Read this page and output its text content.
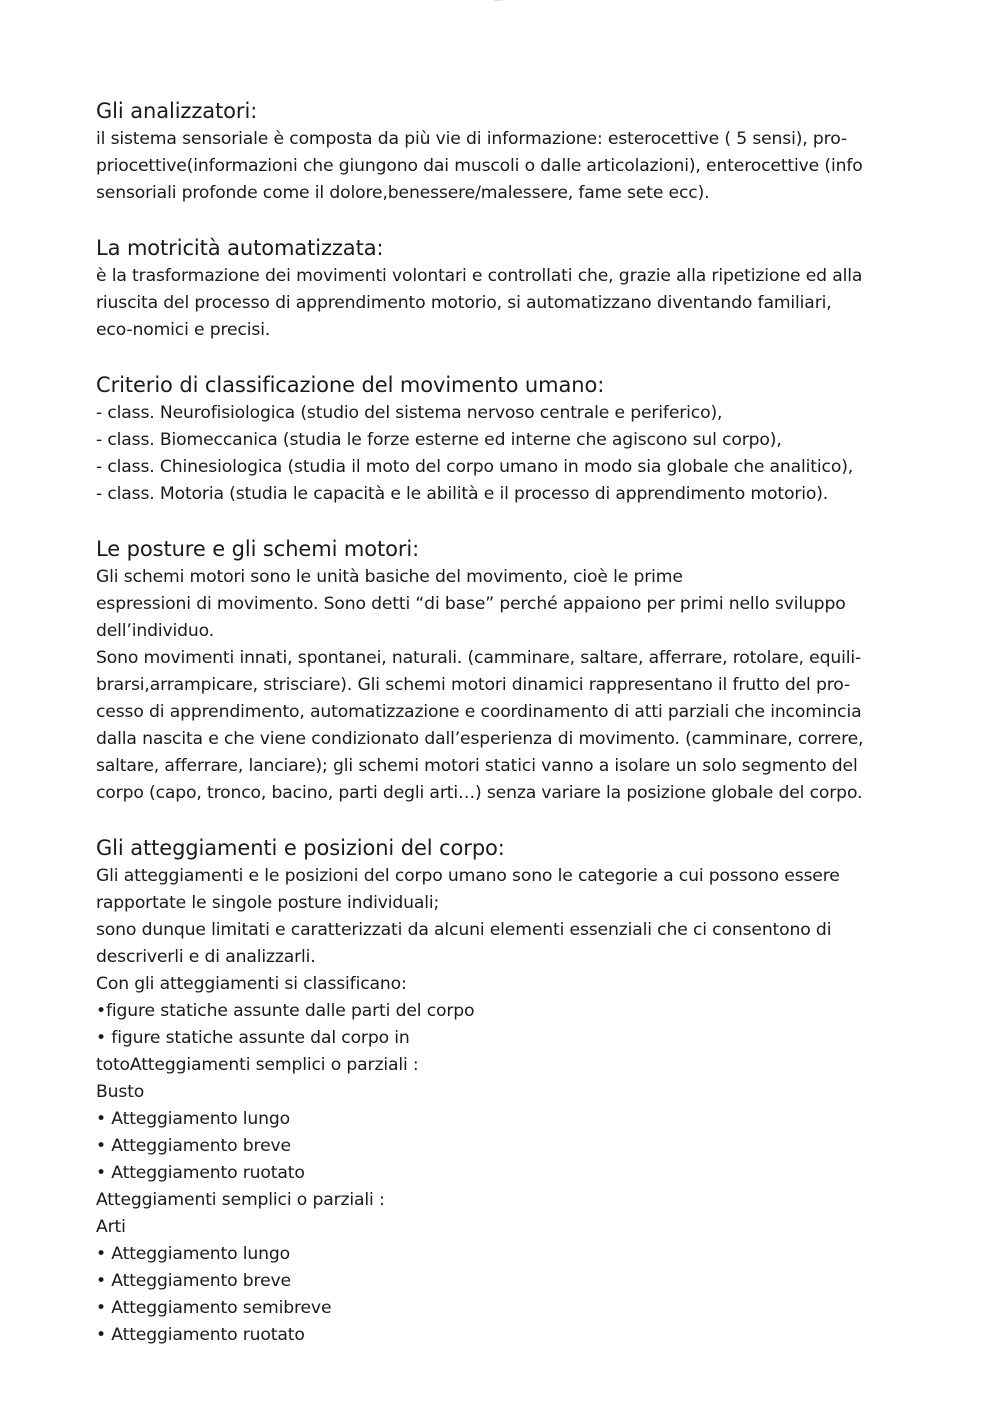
——
Gli analizzatori:

il sistema sensoriale è composta da più vie di informazione: esterocettive ( 5 sensi), pro-
priocettive(informazioni che giungono dai muscoli o dalle articolazioni), enterocettive (info
sensoriali profonde come il dolore,benessere/malessere, fame sete ecc).

La motricità automatizzata:

è la trasformazione dei movimenti volontari e controllati che, grazie alla ripetizione ed alla
riuscita del processo di apprendimento motorio, si automatizzano diventando familiari,
eco-nomici e precisi.

Criterio di classificazione del movimento umano:

- class. Neurofisiologica (studio del sistema nervoso centrale e periferico),
- class. Biomeccanica (studia le forze esterne ed interne che agiscono sul corpo),
- class. Chinesiologica (studia il moto del corpo umano in modo sia globale che analitico),
- class. Motoria (studia le capacità e le abilità e il processo di apprendimento motorio).

Le posture e gli schemi motori:

Gli schemi motori sono le unità basiche del movimento, cioè le prime
espressioni di movimento. Sono detti “di base” perché appaiono per primi nello sviluppo
dell’individuo.
Sono movimenti innati, spontanei, naturali. (camminare, saltare, afferrare, rotolare, equili-
brarsi,arrampicare, strisciare). Gli schemi motori dinamici rappresentano il frutto del pro-
cesso di apprendimento, automatizzazione e coordinamento di atti parziali che incomincia
dalla nascita e che viene condizionato dall’esperienza di movimento. (camminare, correre,
saltare, afferrare, lanciare); gli schemi motori statici vanno a isolare un solo segmento del
corpo (capo, tronco, bacino, parti degli arti…) senza variare la posizione globale del corpo.

Gli atteggiamenti e posizioni del corpo:

Gli atteggiamenti e le posizioni del corpo umano sono le categorie a cui possono essere
rapportate le singole posture individuali;
sono dunque limitati e caratterizzati da alcuni elementi essenziali che ci consentono di
descriverli e di analizzarli.
Con gli atteggiamenti si classificano:
•figure statiche assunte dalle parti del corpo
• figure statiche assunte dal corpo in
totoAtteggiamenti semplici o parziali :
Busto
• Atteggiamento lungo
• Atteggiamento breve
• Atteggiamento ruotato
Atteggiamenti semplici o parziali :
Arti
• Atteggiamento lungo
• Atteggiamento breve
• Atteggiamento semibreve
• Atteggiamento ruotato
